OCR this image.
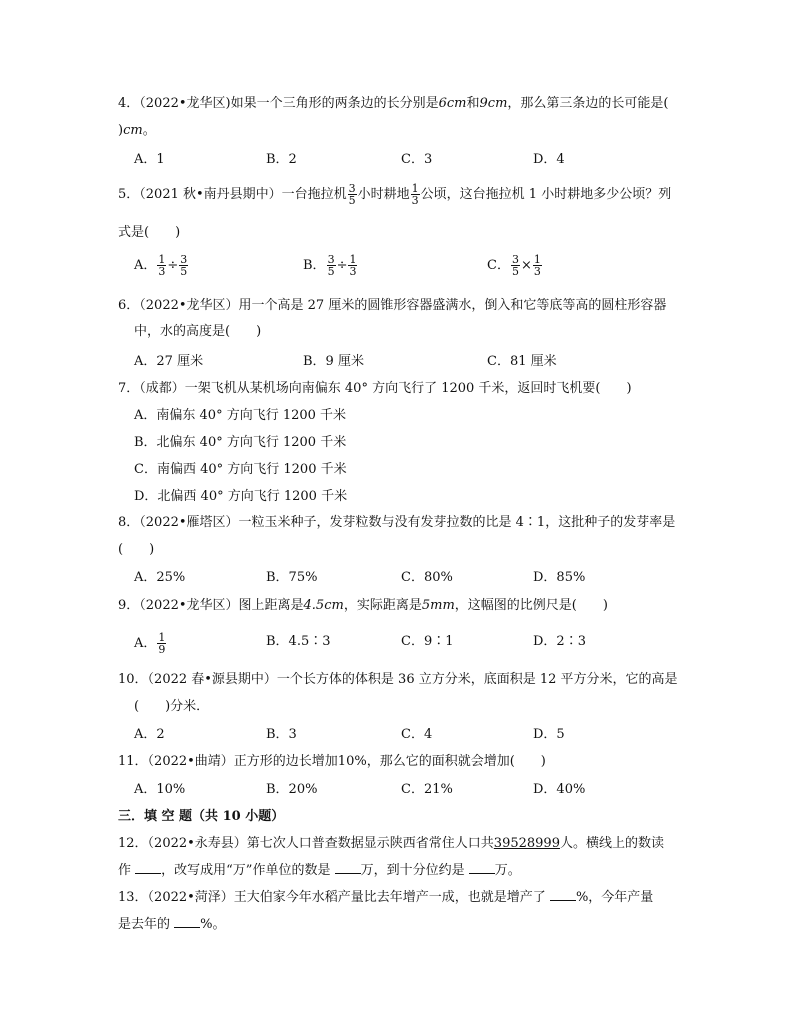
4．（2022•龙华区)如果一个三角形的两条边的长分别是6cm和9cm，那么第三条边的长可能是(
)cm。
A．1	B．2	C．3	D．4
5．（2021 秋•南丹县期中）一台拖拉机 $\frac{3}{5}$ 小时耕地 $\frac{1}{3}$ 公顷，这台拖拉机 1 小时耕地多少公顷？列
式是(　　)
A． $\frac{1}{3} \div \frac{3}{5}$	B． $\frac{3}{5} \div \frac{1}{3}$	C． $\frac{3}{5} \times \frac{1}{3}$
6．（2022•龙华区）用一个高是 27 厘米的圆锥形容器盛满水，倒入和它等底等高的圆柱形容器
中，水的高度是(　　)
A．27 厘米	B．9 厘米	C．81 厘米
7．（成都）一架飞机从某机场向南偏东 40° 方向飞行了 1200 千米，返回时飞机要(　　)
A．南偏东 40° 方向飞行 1200 千米
B．北偏东 40° 方向飞行 1200 千米
C．南偏西 40° 方向飞行 1200 千米
D．北偏西 40° 方向飞行 1200 千米
8．（2022•雁塔区）一粒玉米种子，发芽粒数与没有发芽拉数的比是 4∶1，这批种子的发芽率是
(　　)
A．25%	B．75%	C．80%	D．85%
9．（2022•龙华区）图上距离是4.5cm，实际距离是5mm，这幅图的比例尺是(　　)
A． $\frac{1}{9}$	B．4.5∶3	C．9∶1	D．2∶3
10．（2022 春•源县期中）一个长方体的体积是 36 立方分米，底面积是 12 平方分米，它的高是
(　　)分米．
A．2	B．3	C．4	D．5
11．（2022•曲靖）正方形的边长增加10%，那么它的面积就会增加(　　)
A．10%	B．20%	C．21%	D．40%
三．填 空 题（共 10 小题）
12．（2022•永寿县）第七次人口普查数据显示陕西省常住人口共39528999人。横线上的数读
作 ，改写成用“万”作单位的数是 万，到十分位约是 万。
13．（2022•菏泽）王大伯家今年水稻产量比去年增产一成，也就是增产了 %，今年产量
是去年的 %。
